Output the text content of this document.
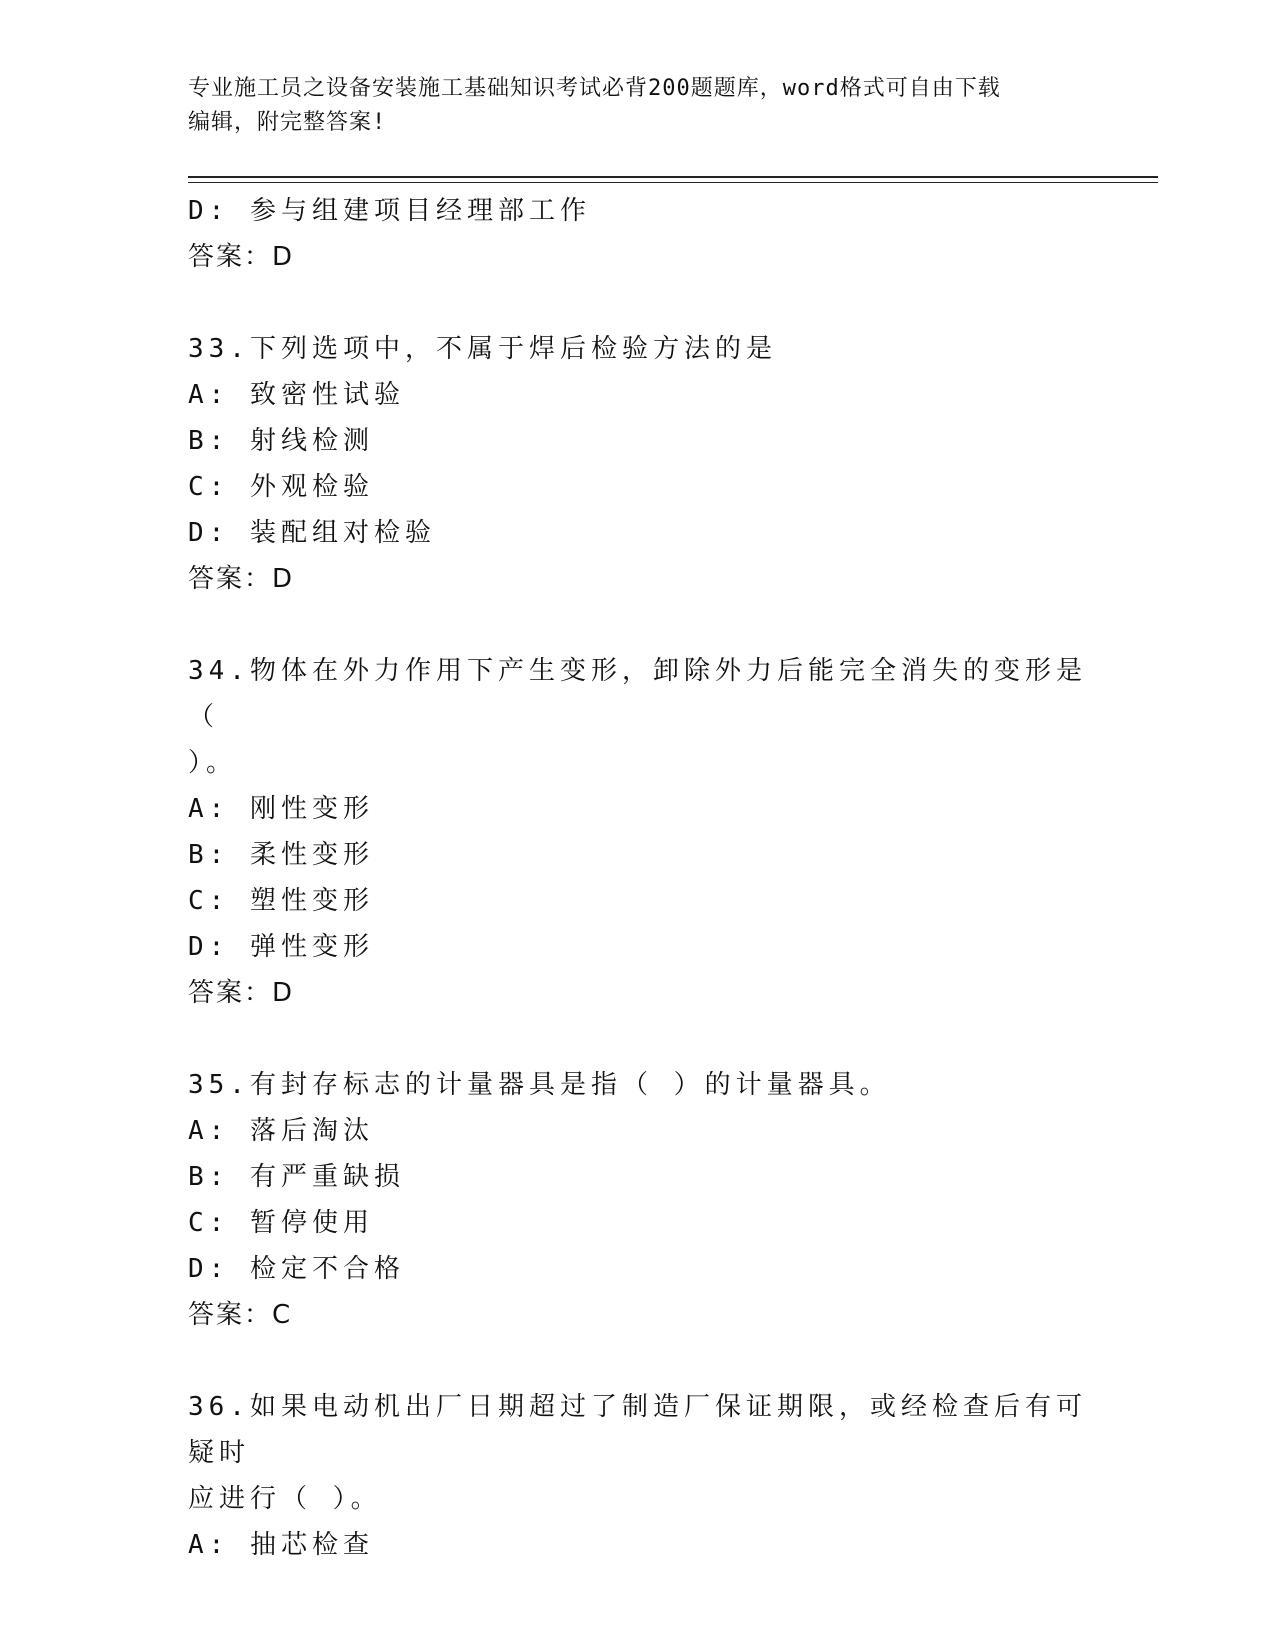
专业施工员之设备安装施工基础知识考试必背200题题库，word格式可自由下载
编辑，附完整答案!
D: 参与组建项目经理部工作
答案：D
33.下列选项中，不属于焊后检验方法的是
A: 致密性试验
B: 射线检测
C: 外观检验
D: 装配组对检验
答案：D
34.物体在外力作用下产生变形，卸除外力后能完全消失的变形是（
）。
A: 刚性变形
B: 柔性变形
C: 塑性变形
D: 弹性变形
答案：D
35.有封存标志的计量器具是指（ ）的计量器具。
A: 落后淘汰
B: 有严重缺损
C: 暂停使用
D: 检定不合格
答案：C
36.如果电动机出厂日期超过了制造厂保证期限，或经检查后有可疑时
应进行（ ）。
A: 抽芯检查
